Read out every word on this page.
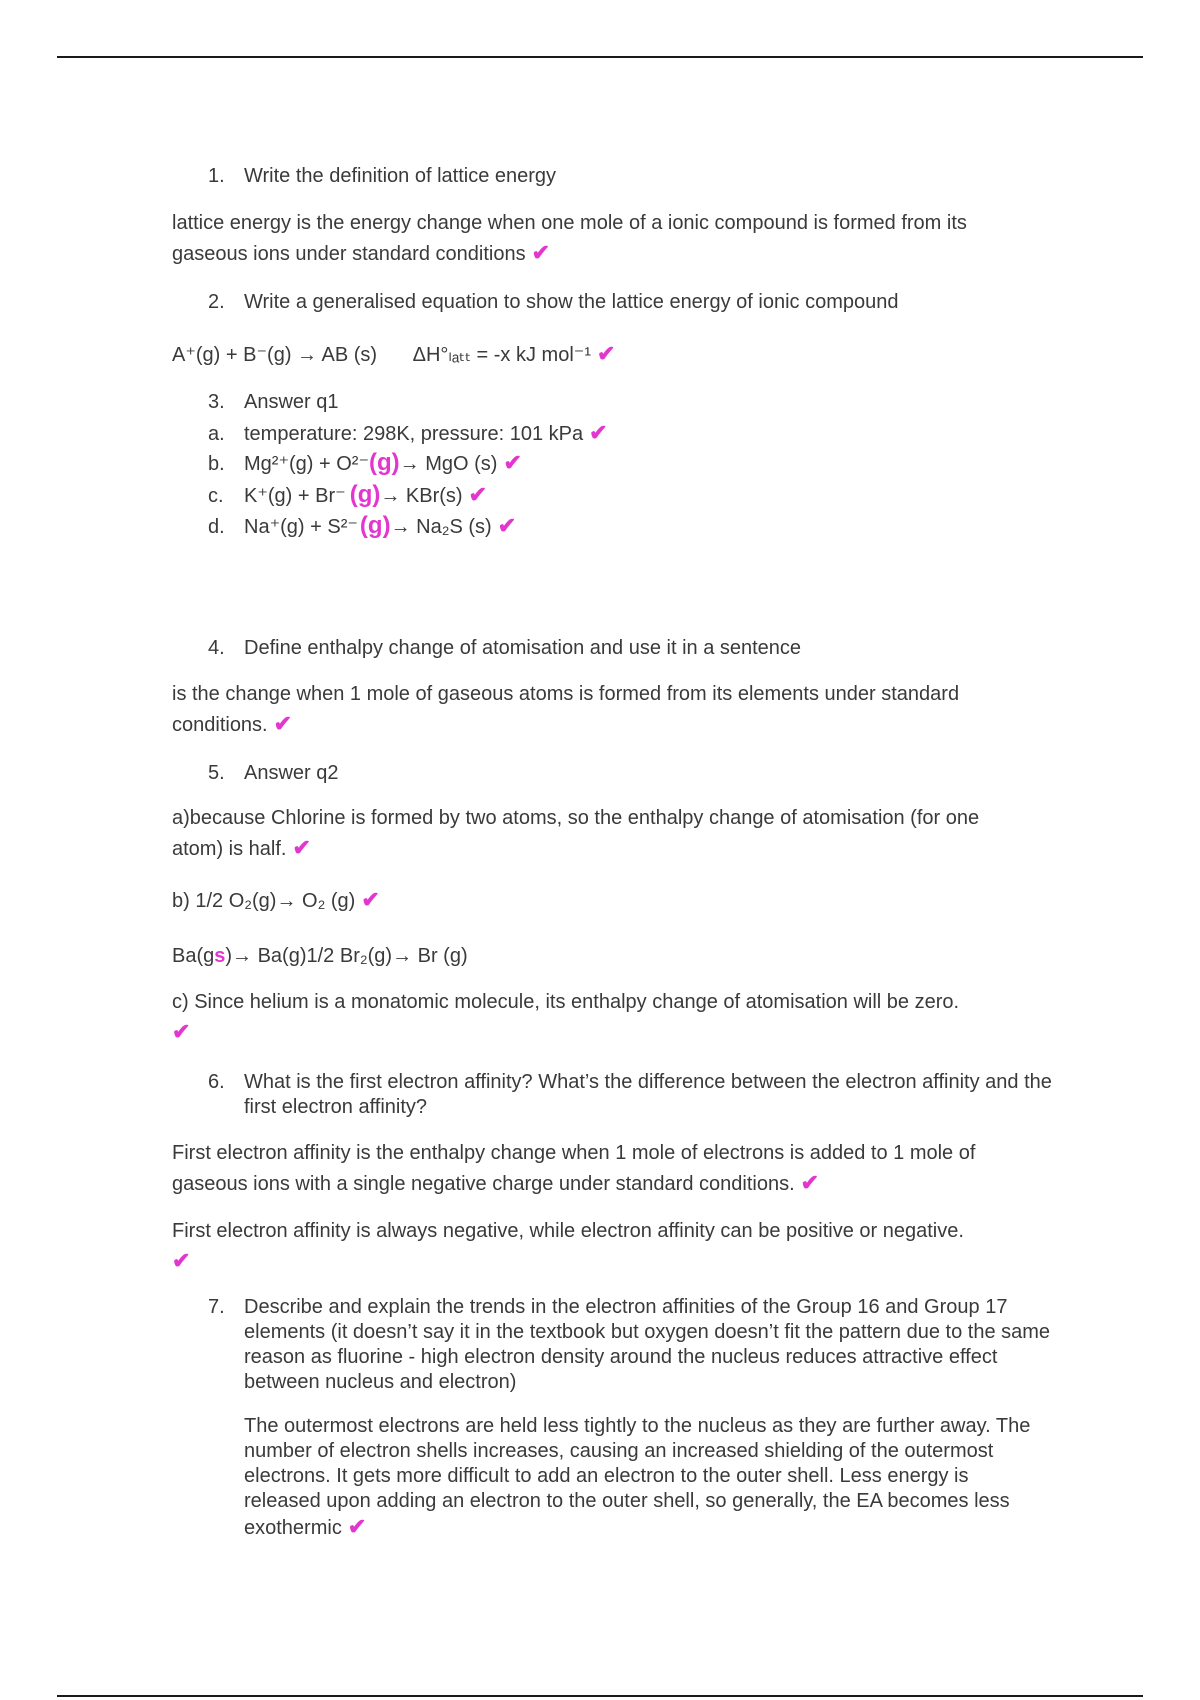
1. Write the definition of lattice energy
lattice energy is the energy change when one mole of a ionic compound is formed from its gaseous ions under standard conditions ✔
2. Write a generalised equation to show the lattice energy of ionic compound
A⁺(g) + B⁻(g) → AB (s) ΔH°ₗₐₜₜ = -x kJ mol⁻¹ ✔
3. Answer q1
a. temperature: 298K, pressure: 101 kPa ✔
b. Mg²⁺(g) + O²⁻(g)→ MgO (s) ✔
c. K⁺(g) + Br⁻ (g)→ KBr(s) ✔
d. Na⁺(g) + S²⁻(g)→ Na₂S (s) ✔
4. Define enthalpy change of atomisation and use it in a sentence
is the change when 1 mole of gaseous atoms is formed from its elements under standard conditions. ✔
5. Answer q2
a)because Chlorine is formed by two atoms, so the enthalpy change of atomisation (for one atom) is half. ✔
b) 1/2 O₂(g)→ O₂ (g) ✔
Ba(gs)→ Ba(g)1/2 Br₂(g)→ Br (g)
c) Since helium is a monatomic molecule, its enthalpy change of atomisation will be zero.
✔
6. What is the first electron affinity? What’s the difference between the electron affinity and the first electron affinity?
First electron affinity is the enthalpy change when 1 mole of electrons is added to 1 mole of gaseous ions with a single negative charge under standard conditions. ✔
First electron affinity is always negative, while electron affinity can be positive or negative.
✔
7. Describe and explain the trends in the electron affinities of the Group 16 and Group 17 elements (it doesn’t say it in the textbook but oxygen doesn’t fit the pattern due to the same reason as fluorine - high electron density around the nucleus reduces attractive effect between nucleus and electron)
The outermost electrons are held less tightly to the nucleus as they are further away. The number of electron shells increases, causing an increased shielding of the outermost electrons. It gets more difficult to add an electron to the outer shell. Less energy is released upon adding an electron to the outer shell, so generally, the EA becomes less exothermic ✔
